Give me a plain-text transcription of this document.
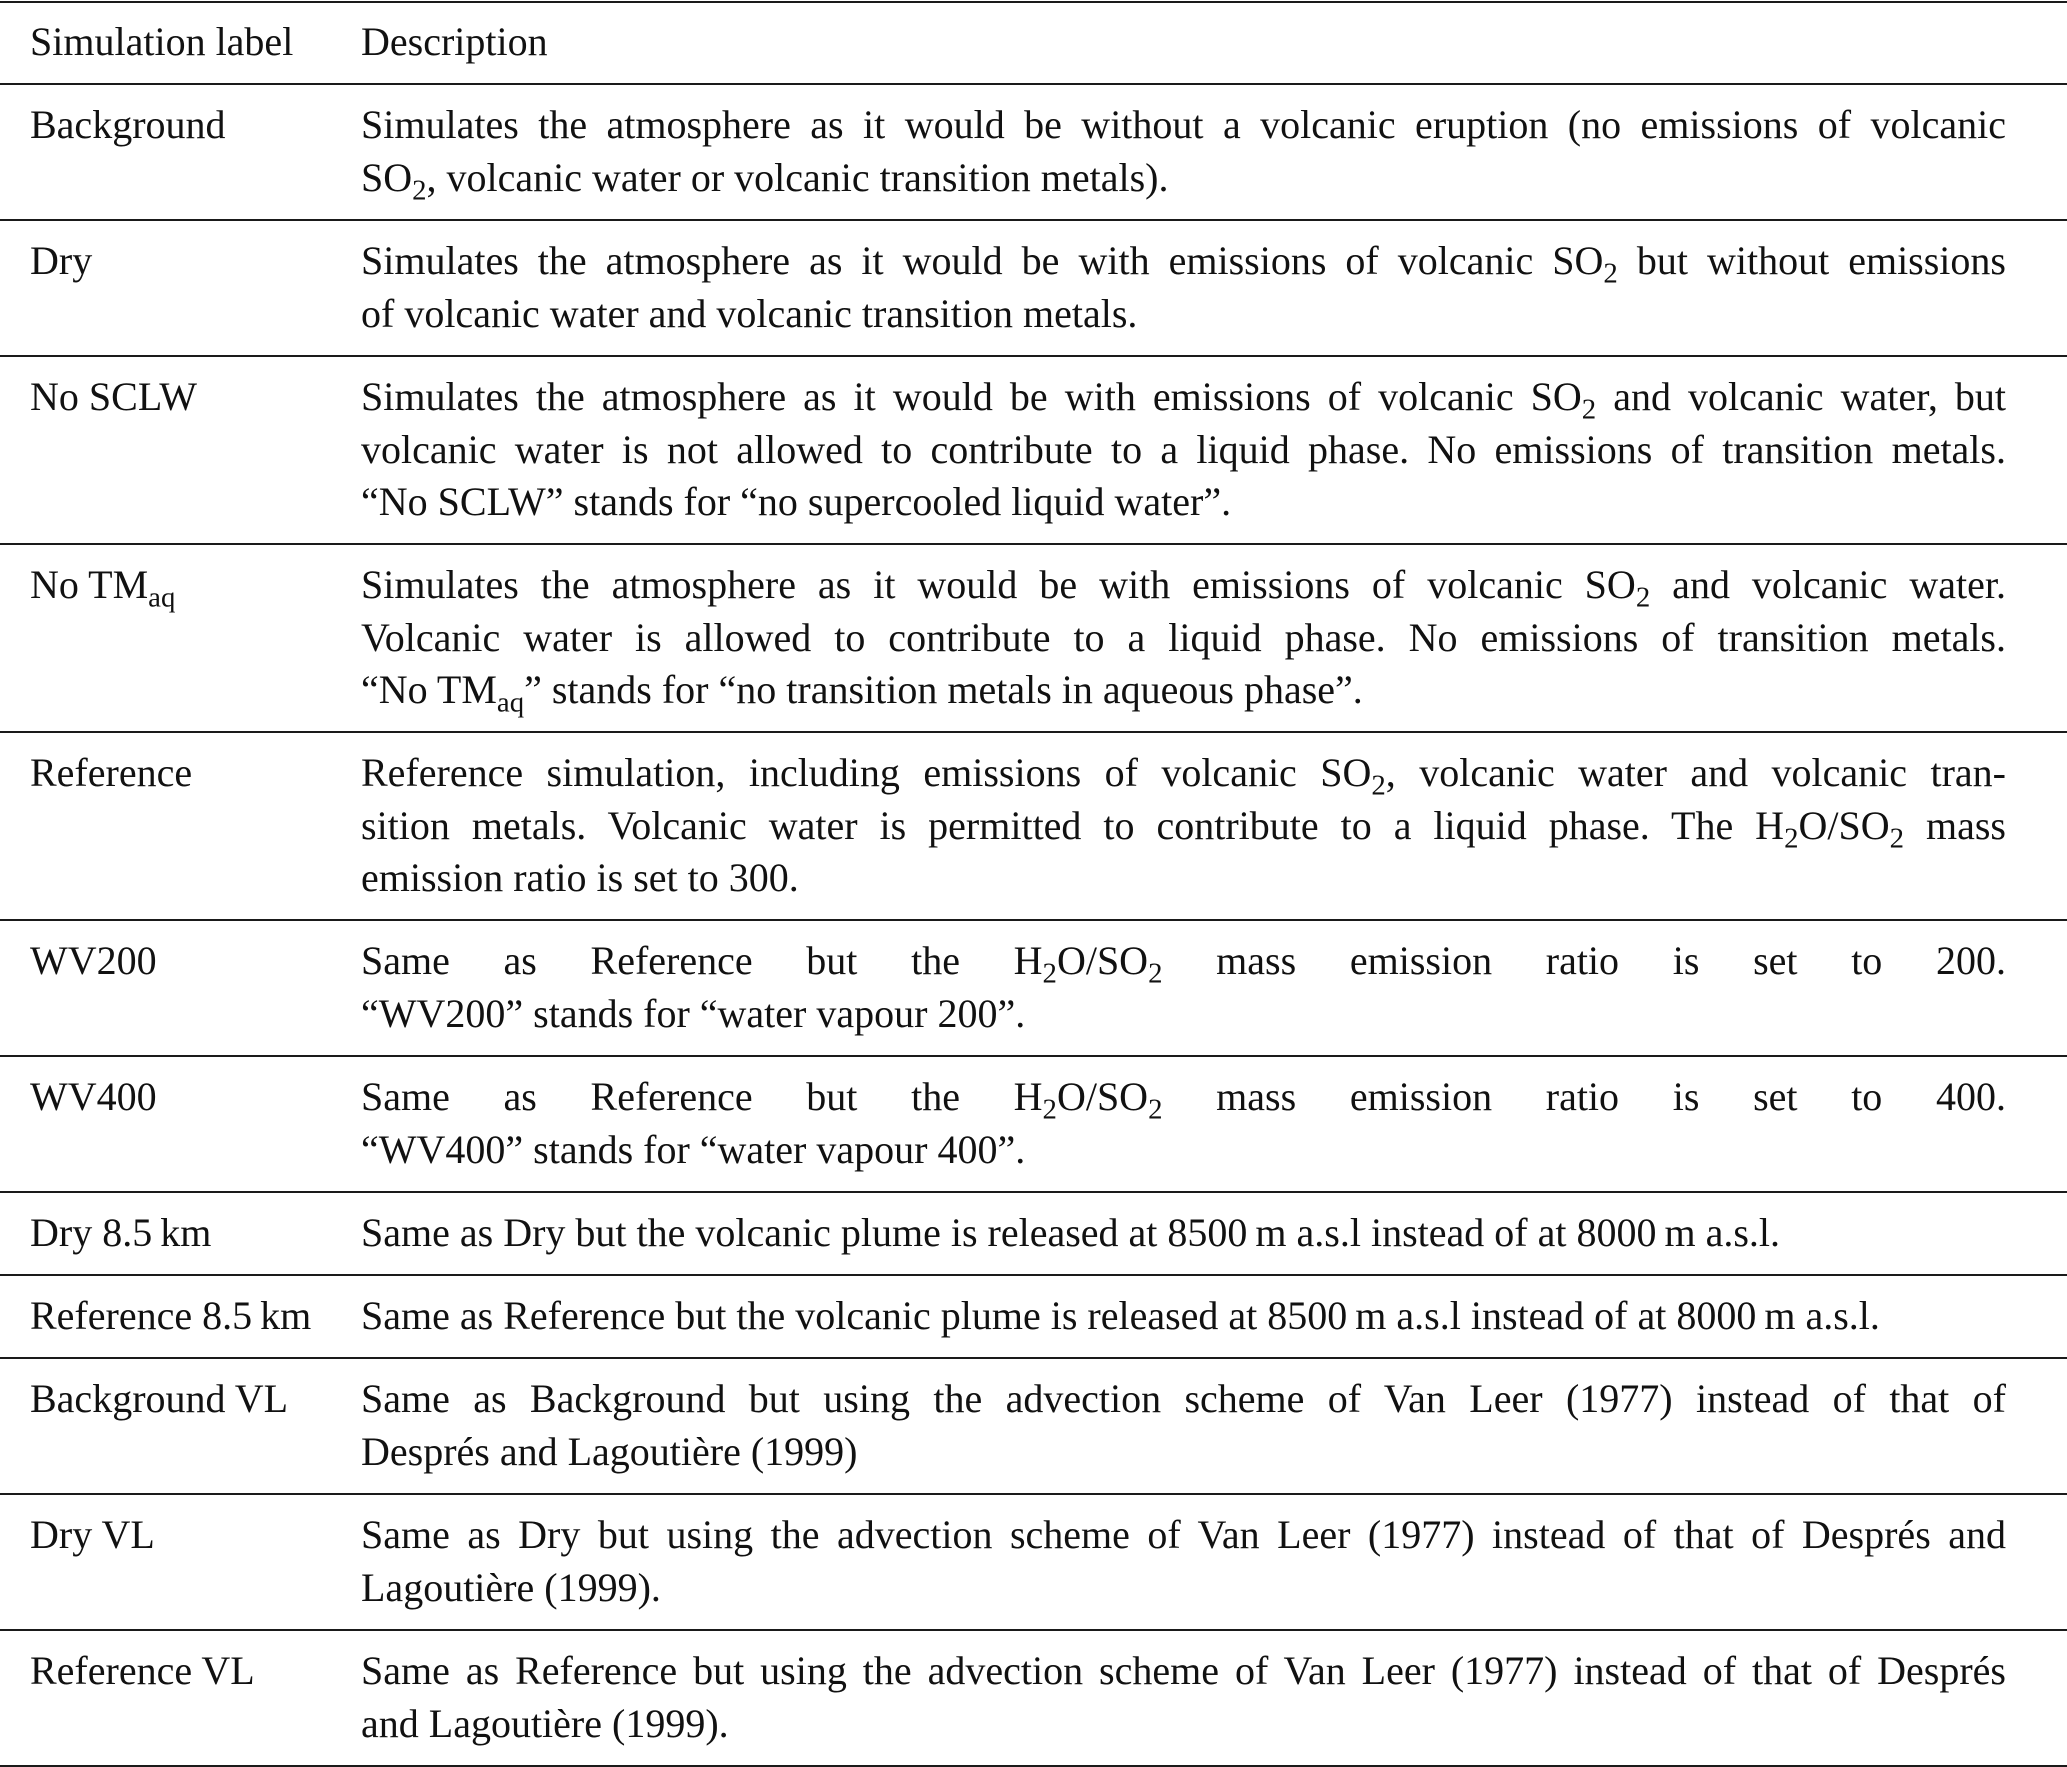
Simulation label	Description
Background	Simulates the atmosphere as it would be without a volcanic eruption (no emissions of volcanic
$SO_2$, volcanic water or volcanic transition metals).
Dry	Simulates the atmosphere as it would be with emissions of volcanic $SO_2$ but without emissions
of volcanic water and volcanic transition metals.
No SCLW	Simulates the atmosphere as it would be with emissions of volcanic $SO_2$ and volcanic water, but
volcanic water is not allowed to contribute to a liquid phase. No emissions of transition metals.
“No SCLW” stands for “no supercooled liquid water”.
No $TM_{aq}$	Simulates the atmosphere as it would be with emissions of volcanic $SO_2$ and volcanic water.
Volcanic water is allowed to contribute to a liquid phase. No emissions of transition metals.
“No $TM_{aq}$” stands for “no transition metals in aqueous phase”.
Reference	Reference simulation, including emissions of volcanic $SO_2$, volcanic water and volcanic tran-
sition metals. Volcanic water is permitted to contribute to a liquid phase. The $H_2O/SO_2$ mass
emission ratio is set to 300.
WV200	Same as Reference but the $H_2O/SO_2$ mass emission ratio is set to 200.
“WV200” stands for “water vapour 200”.
WV400	Same as Reference but the $H_2O/SO_2$ mass emission ratio is set to 400.
“WV400” stands for “water vapour 400”.
Dry 8.5 km	Same as Dry but the volcanic plume is released at 8500 m a.s.l instead of at 8000 m a.s.l.
Reference 8.5 km	Same as Reference but the volcanic plume is released at 8500 m a.s.l instead of at 8000 m a.s.l.
Background VL	Same as Background but using the advection scheme of Van Leer (1977) instead of that of
Després and Lagoutière (1999)
Dry VL	Same as Dry but using the advection scheme of Van Leer (1977) instead of that of Després and
Lagoutière (1999).
Reference VL	Same as Reference but using the advection scheme of Van Leer (1977) instead of that of Després
and Lagoutière (1999).
